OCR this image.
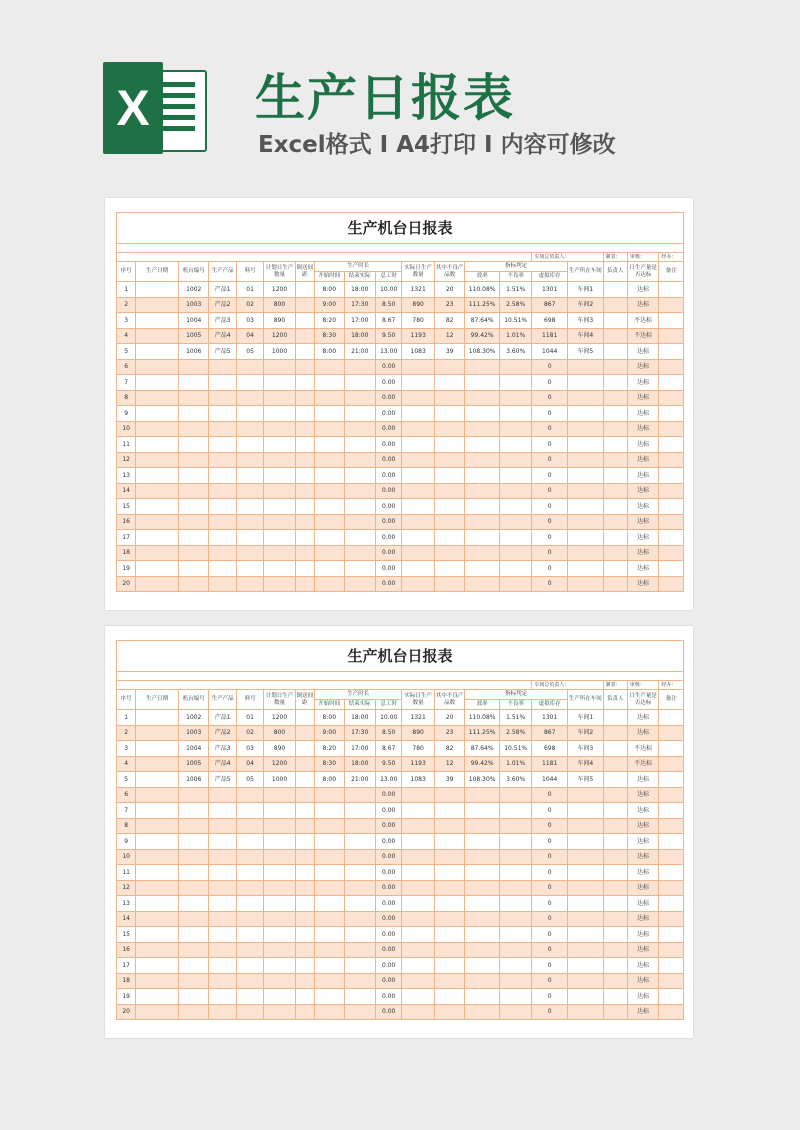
X 生产日报表
Excel格式 I A4打印 I 内容可修改
生产机台日报表																		

														车间总负责人：		制表：	审核：	经办：
序号	生产日期	机台编号	生产产品	料号	计划日生产数量	倒送间距	生产时长			实际日生产数量	其中不良产品数	指标判定			生产所在车间	负责人	日生产量是否达标	备注
							开始时间	结束实际	总工时			效率	不良率	虚拟库存				
1		1002	产品1	01	1200		8:00	18:00	10.00	1321	20	110.08%	1.51%	1301	车间1		达标	
2		1003	产品2	02	800		9:00	17:30	8.50	890	23	111.25%	2.58%	867	车间2		达标	
3		1004	产品3	03	890		8:20	17:00	8.67	780	82	87.64%	10.51%	698	车间3		不达标	
4		1005	产品4	04	1200		8:30	18:00	9.50	1193	12	99.42%	1.01%	1181	车间4		不达标	
5		1006	产品5	05	1000		8:00	21:00	13.00	1083	39	108.30%	3.60%	1044	车间5		达标	
6									0.00					0			达标	
7									0.00					0			达标	
8									0.00					0			达标	
9									0.00					0			达标	
10									0.00					0			达标	
11									0.00					0			达标	
12									0.00					0			达标	
13									0.00					0			达标	
14									0.00					0			达标	
15									0.00					0			达标	
16									0.00					0			达标	
17									0.00					0			达标	
18									0.00					0			达标	
19									0.00					0			达标	
20									0.00					0			达标	
生产机台日报表																		

														车间总负责人：		制表：	审核：	经办：
序号	生产日期	机台编号	生产产品	料号	计划日生产数量	倒送间距	生产时长			实际日生产数量	其中不良产品数	指标判定			生产所在车间	负责人	日生产量是否达标	备注
							开始时间	结束实际	总工时			效率	不良率	虚拟库存				
1		1002	产品1	01	1200		8:00	18:00	10.00	1321	20	110.08%	1.51%	1301	车间1		达标	
2		1003	产品2	02	800		9:00	17:30	8.50	890	23	111.25%	2.58%	867	车间2		达标	
3		1004	产品3	03	890		8:20	17:00	8.67	780	82	87.64%	10.51%	698	车间3		不达标	
4		1005	产品4	04	1200		8:30	18:00	9.50	1193	12	99.42%	1.01%	1181	车间4		不达标	
5		1006	产品5	05	1000		8:00	21:00	13.00	1083	39	108.30%	3.60%	1044	车间5		达标	
6									0.00					0			达标	
7									0.00					0			达标	
8									0.00					0			达标	
9									0.00					0			达标	
10									0.00					0			达标	
11									0.00					0			达标	
12									0.00					0			达标	
13									0.00					0			达标	
14									0.00					0			达标	
15									0.00					0			达标	
16									0.00					0			达标	
17									0.00					0			达标	
18									0.00					0			达标	
19									0.00					0			达标	
20									0.00					0			达标	
